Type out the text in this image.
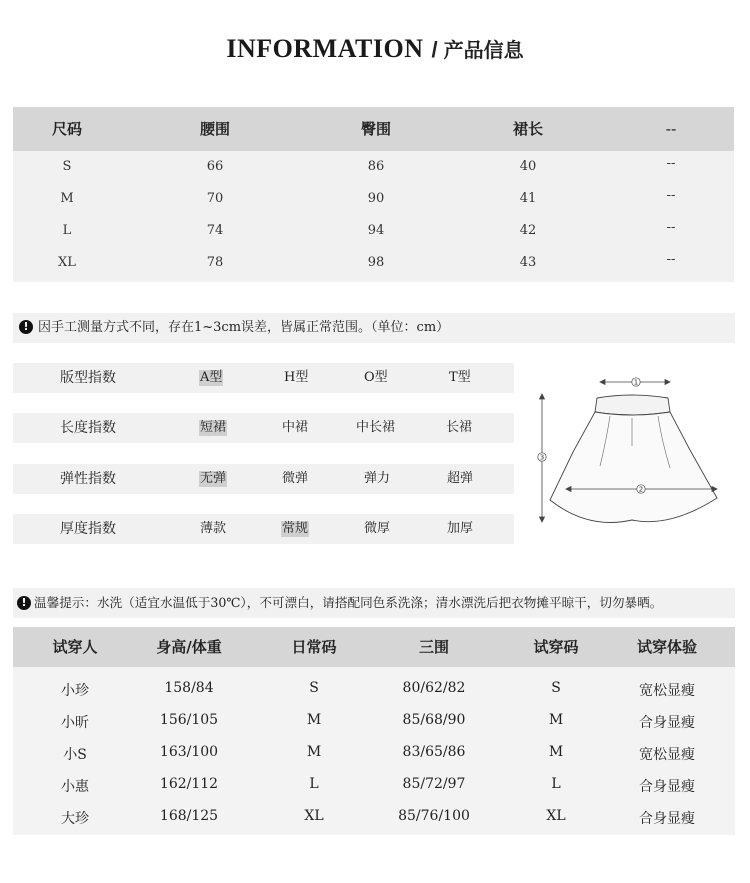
INFORMATION / 产品信息
尺码	腰围	臀围	裙长	--
S	66	86	40	--
M	70	90	41	--
L	74	94	42	--
XL	78	98	43	--
! 因手工测量方式不同，存在1~3cm误差，皆属正常范围。（单位：cm）
版型指数	A型	H型	O型	T型
长度指数	短裙	中裙	中长裙	长裙
弹性指数	无弹	微弹	弹力	超弹
厚度指数	薄款	常规	微厚	加厚
1
2
3
! 温馨提示：水洗（适宜水温低于30℃），不可漂白，请搭配同色系洗涤；清水漂洗后把衣物摊平晾干，切勿暴晒。
试穿人	身高/体重	日常码	三围	试穿码	试穿体验
小珍	158/84	S	80/62/82	S	宽松显瘦
小昕	156/105	M	85/68/90	M	合身显瘦
小S	163/100	M	83/65/86	M	宽松显瘦
小惠	162/112	L	85/72/97	L	合身显瘦
大珍	168/125	XL	85/76/100	XL	合身显瘦
